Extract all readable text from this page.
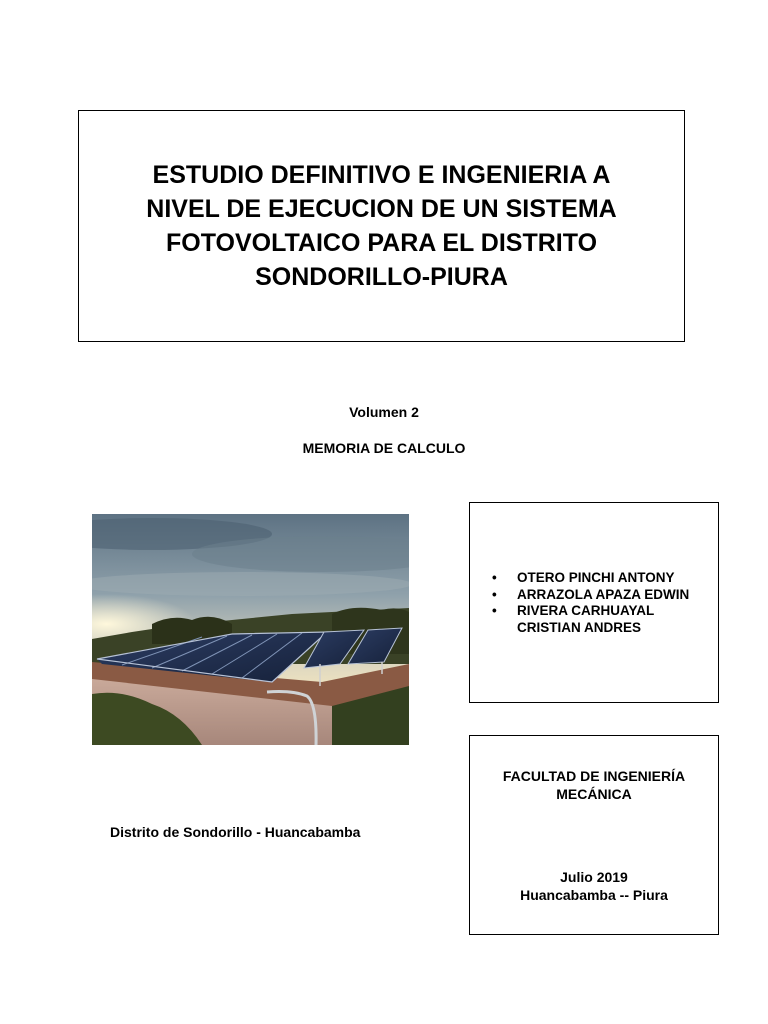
ESTUDIO DEFINITIVO E INGENIERIA A
NIVEL DE EJECUCION DE UN SISTEMA
FOTOVOLTAICO PARA EL DISTRITO
SONDORILLO-PIURA
Volumen 2
MEMORIA DE CALCULO
• OTERO PINCHI ANTONY
• ARRAZOLA APAZA EDWIN
• RIVERA CARHUAYAL
CRISTIAN ANDRES
FACULTAD DE INGENIERÍA
MECÁNICA
Julio 2019
Huancabamba -- Piura
Distrito de Sondorillo - Huancabamba
